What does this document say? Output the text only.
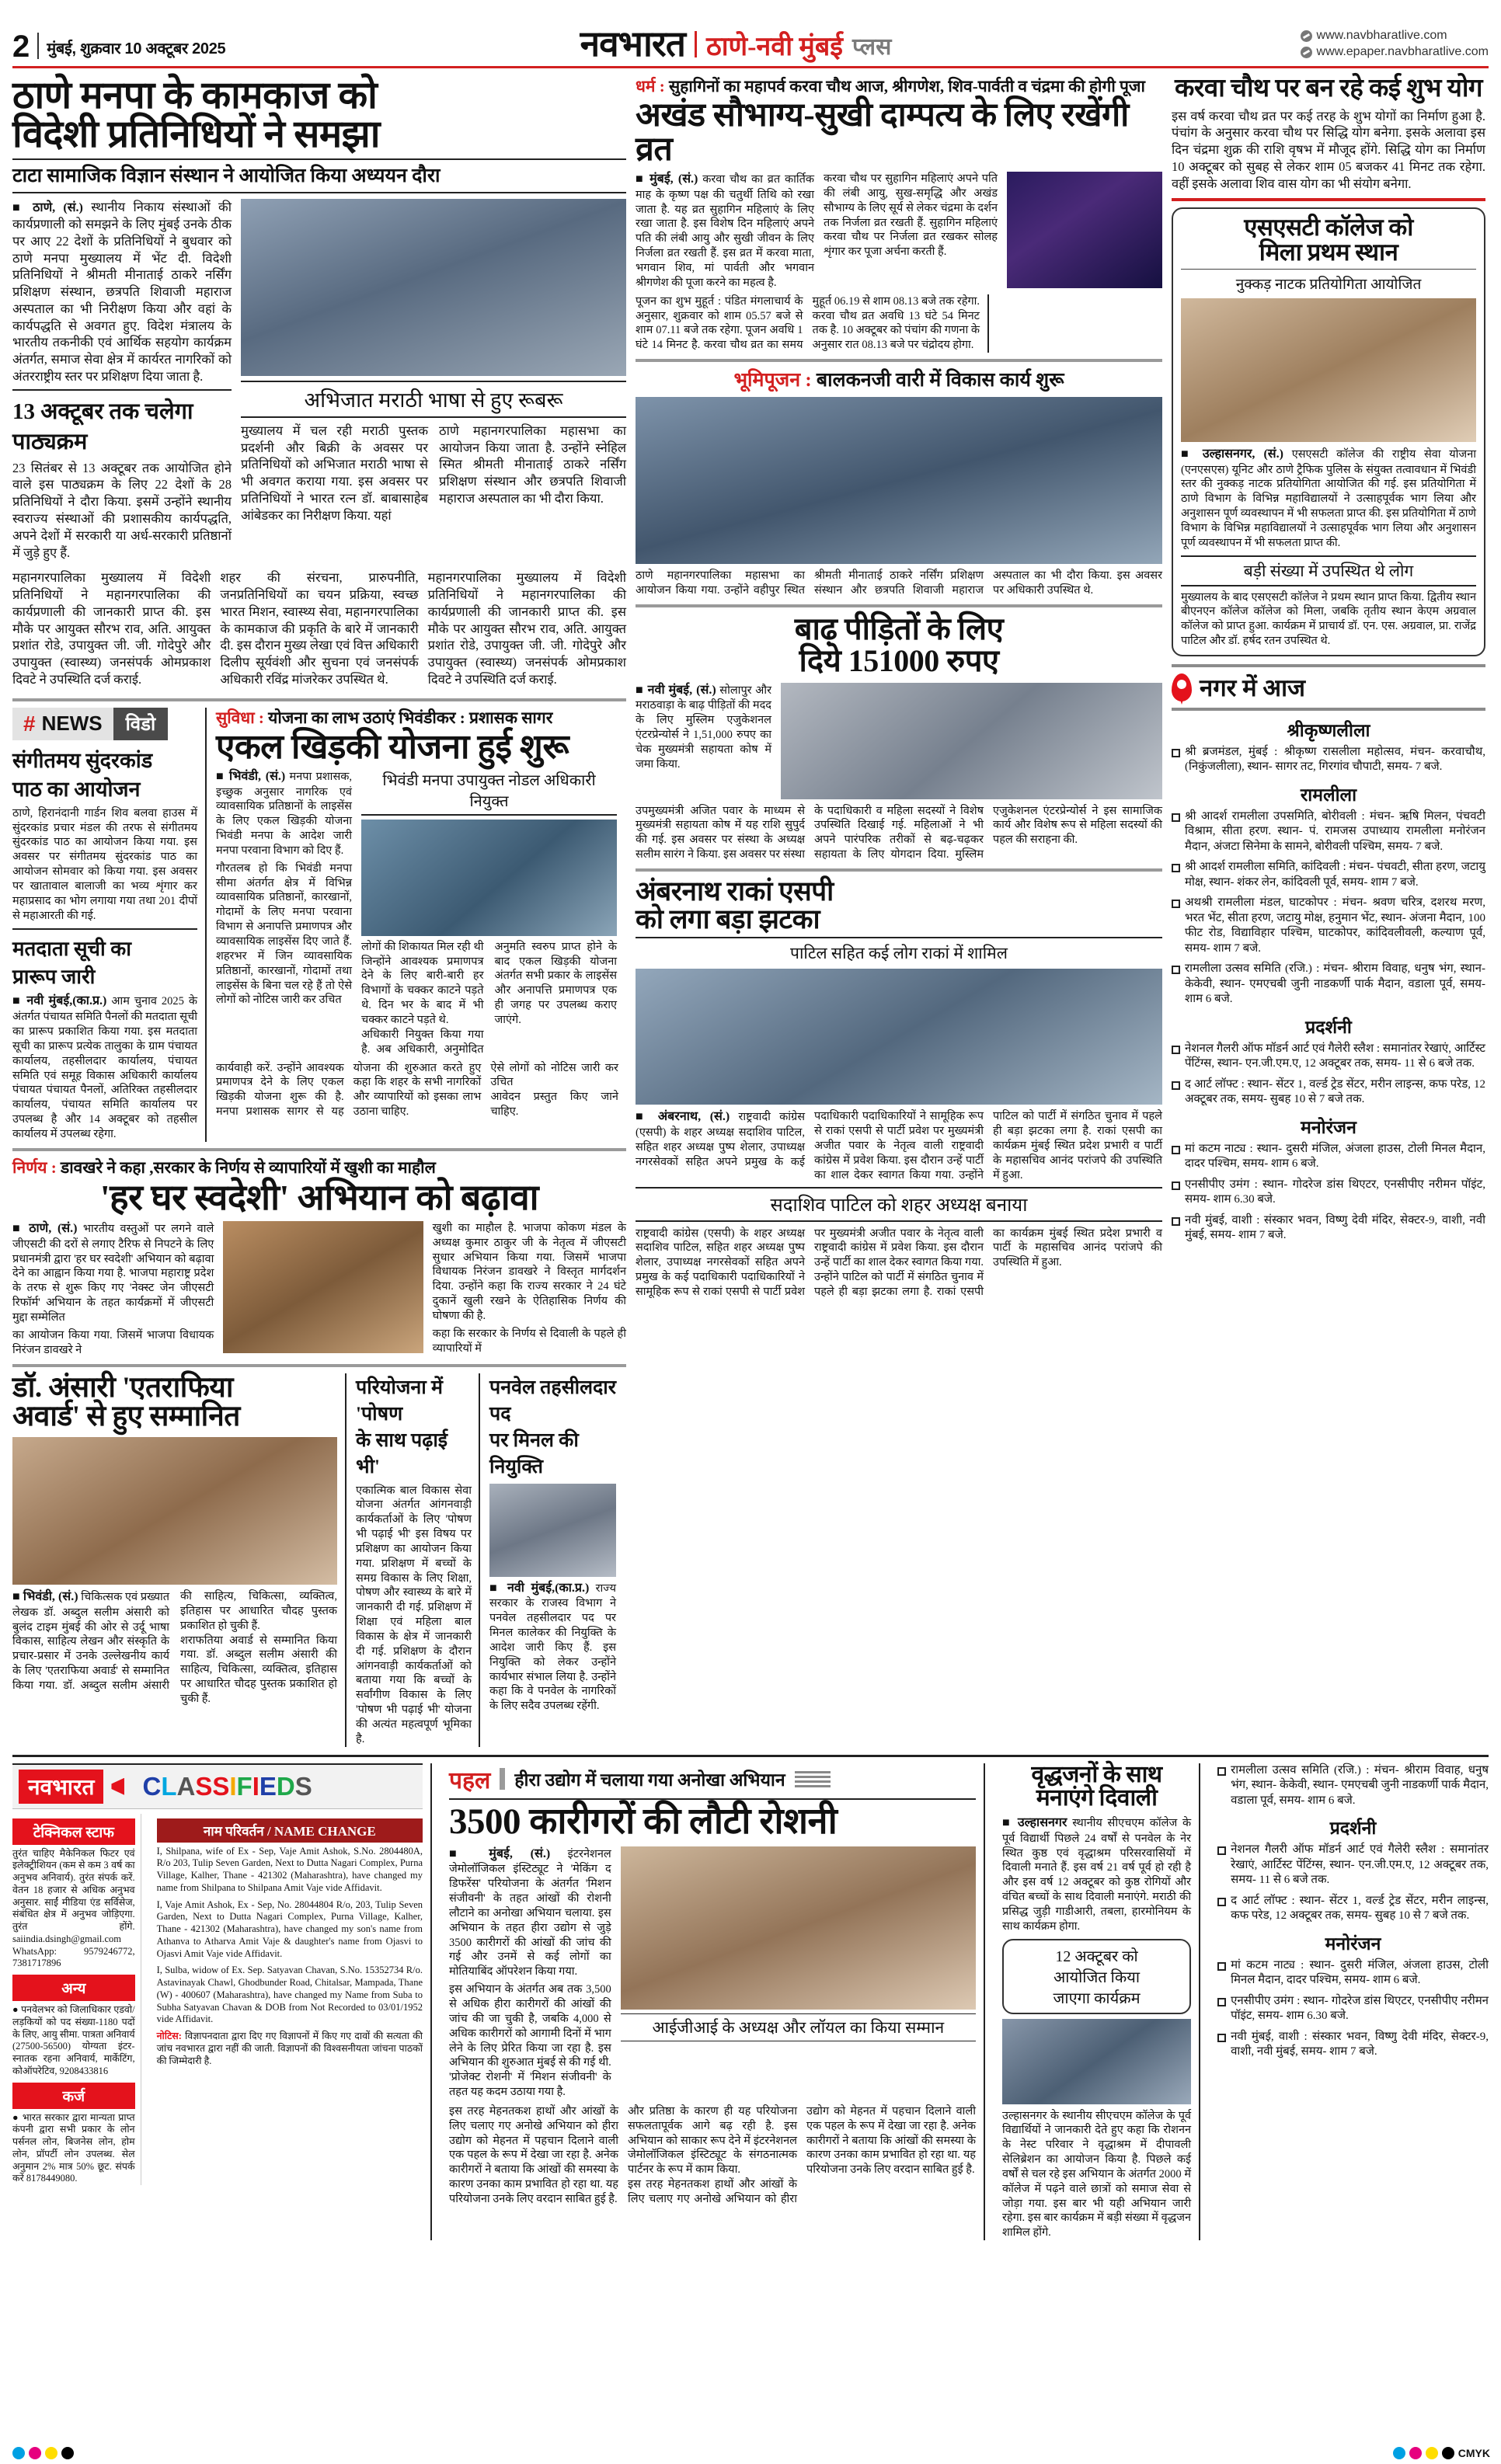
2 मुंबई, शुक्रवार 10 अक्टूबर 2025	नवभारत ठाणे-नवी मुंबई प्लस	www.navbharatlive.com
www.epaper.navbharatlive.com
ठाणे मनपा के कामकाज को
विदेशी प्रतिनिधियों ने समझा
टाटा सामाजिक विज्ञान संस्थान ने आयोजित किया अध्ययन दौरा

■ ठाणे, (सं.) स्थानीय निकाय संस्थाओं की कार्यप्रणाली को समझने के लिए मुंबई उनके ठीक पर आए 22 देशों के प्रतिनिधियों ने बुधवार को ठाणे मनपा मुख्यालय में भेंट दी. विदेशी प्रतिनिधियों ने श्रीमती मीनाताई ठाकरे नर्सिंग प्रशिक्षण संस्थान, छत्रपति शिवाजी महाराज अस्पताल का भी निरीक्षण किया और वहां के कार्यपद्धति से अवगत हुए. विदेश मंत्रालय के भारतीय तकनीकी एवं आर्थिक सहयोग कार्यक्रम अंतर्गत, समाज सेवा क्षेत्र में कार्यरत नागरिकों को अंतरराष्ट्रीय स्तर पर प्रशिक्षण दिया जाता है.

13 अक्टूबर तक चलेगा पाठ्यक्रम

23 सितंबर से 13 अक्टूबर तक आयोजित होने वाले इस पाठ्यक्रम के लिए 22 देशों के 28 प्रतिनिधियों ने दौरा किया. इसमें उन्होंने स्थानीय स्वराज्य संस्थाओं की प्रशासकीय कार्यपद्धति, अपने देशों में सरकारी या अर्ध-सरकारी प्रतिष्ठानों में जुड़े हुए हैं.

अभिजात मराठी भाषा से हुए रूबरू

मुख्यालय में चल रही मराठी पुस्तक प्रदर्शनी और बिक्री के अवसर पर प्रतिनिधियों को अभिजात मराठी भाषा से भी अवगत कराया गया. इस अवसर पर प्रतिनिधियों ने भारत रत्न डॉ. बाबासाहेब आंबेडकर का निरीक्षण किया. यहां

ठाणे महानगरपालिका महासभा का आयोजन किया जाता है. उन्होंने स्नेहिल स्मित श्रीमती मीनाताई ठाकरे नर्सिंग प्रशिक्षण संस्थान और छत्रपति शिवाजी महाराज अस्पताल का भी दौरा किया.

महानगरपालिका मुख्यालय में विदेशी प्रतिनिधियों ने महानगरपालिका की कार्यप्रणाली की जानकारी प्राप्त की. इस मौके पर आयुक्त सौरभ राव, अति. आयुक्त प्रशांत रोडे, उपायुक्त जी. जी. गोदेपुरे और उपायुक्त (स्वास्थ्य) जनसंपर्क ओमप्रकाश दिवटे ने उपस्थिति दर्ज कराई.

शहर की संरचना, प्रारुपनीति, जनप्रतिनिधियों का चयन प्रक्रिया, स्वच्छ भारत मिशन, स्वास्थ्य सेवा, महानगरपालिका के कामकाज की प्रकृति के बारे में जानकारी दी. इस दौरान मुख्य लेखा एवं वित्त अधिकारी दिलीप सूर्यवंशी और सुचना एवं जनसंपर्क अधिकारी रविंद्र मांजरेकर उपस्थित थे.

महानगरपालिका मुख्यालय में विदेशी प्रतिनिधियों ने महानगरपालिका की कार्यप्रणाली की जानकारी प्राप्त की. इस मौके पर आयुक्त सौरभ राव, अति. आयुक्त प्रशांत रोडे, उपायुक्त जी. जी. गोदेपुरे और उपायुक्त (स्वास्थ्य) जनसंपर्क ओमप्रकाश दिवटे ने उपस्थिति दर्ज कराई.

# NEWS	विडो
संगीतमय सुंदरकांड
पाठ का आयोजन

ठाणे, हिरानंदानी गार्डन शिव बलवा हाउस में सुंदरकांड प्रचार मंडल की तरफ से संगीतमय सुंदरकांड पाठ का आयोजन किया गया. इस अवसर पर संगीतमय सुंदरकांड पाठ का आयोजन सोमवार को किया गया. इस अवसर पर खातावाल बालाजी का भव्य शृंगार कर महाप्रसाद का भोग लगाया गया तथा 201 दीपों से महाआरती की गई.

मतदाता सूची का
प्रारूप जारी

■ नवी मुंबई,(का.प्र.) आम चुनाव 2025 के अंतर्गत पंचायत समिति पैनलों की मतदाता सूची का प्रारूप प्रकाशित किया गया. इस मतदाता सूची का प्रारूप प्रत्येक तालुका के ग्राम पंचायत कार्यालय, तहसीलदार कार्यालय, पंचायत समिति एवं समूह विकास अधिकारी कार्यालय पंचायत पंचायत पैनलों, अतिरिक्त तहसीलदार कार्यालय, पंचायत समिति कार्यालय पर उपलब्ध है और 14 अक्टूबर को तहसील कार्यालय में उपलब्ध रहेगा.

सुविधा : योजना का लाभ उठाएं भिवंडीकर : प्रशासक सागर
एकल खिड़की योजना हुई शुरू

■ भिवंडी, (सं.) मनपा प्रशासक, इच्छुक अनुसार नागरिक एवं व्यावसायिक प्रतिष्ठानों के लाइसेंस के लिए एकल खिड़की योजना भिवंडी मनपा के आदेश जारी मनपा परवाना विभाग को दिए हैं.

गौरतलब हो कि भिवंडी मनपा सीमा अंतर्गत क्षेत्र में विभिन्न व्यावसायिक प्रतिष्ठानों, कारखानों, गोदामों के लिए मनपा परवाना विभाग से अनापत्ति प्रमाणपत्र और व्यावसायिक लाइसेंस दिए जाते हैं. शहरभर में जिन व्यावसायिक प्रतिष्ठानों, कारखानों, गोदामों तथा लाइसेंस के बिना चल रहे हैं तो ऐसे लोगों को नोटिस जारी कर उचित

भिवंडी मनपा उपायुक्त नोडल अधिकारी नियुक्त

लोगों की शिकायत मिल रही थी जिन्होंने आवश्यक प्रमाणपत्र देने के लिए बारी-बारी हर विभागों के चक्कर काटने पड़ते थे. दिन भर के बाद में भी चक्कर काटने पड़ते थे.

अधिकारी नियुक्त किया गया है. अब अधिकारी, अनुमोदित अनुमति स्वरुप प्राप्त होने के बाद एकल खिड़की योजना अंतर्गत सभी प्रकार के लाइसेंस और अनापत्ति प्रमाणपत्र एक ही जगह पर उपलब्ध कराए जाएंगे.

कार्यवाही करें. उन्होंने आवश्यक प्रमाणपत्र देने के लिए एकल खिड़की योजना शुरू की है. मनपा प्रशासक सागर से यह योजना की शुरुआत करते हुए कहा कि शहर के सभी नागरिकों और व्यापारियों को इसका लाभ उठाना चाहिए.

ऐसे लोगों को नोटिस जारी कर उचित

आवेदन प्रस्तुत किए जाने चाहिए.

निर्णय : डावखरे ने कहा ,सरकार के निर्णय से व्यापारियों में खुशी का माहौल
'हर घर स्वदेशी' अभियान को बढ़ावा

■ ठाणे, (सं.) भारतीय वस्तुओं पर लगने वाले जीएसटी की दरों से लगाए टैरिफ से निपटने के लिए प्रधानमंत्री द्वारा 'हर घर स्वदेशी' अभियान को बढ़ावा देने का आह्वान किया गया है. भाजपा महाराष्ट्र प्रदेश के तरफ से शुरू किए गए 'नेक्स्ट जेन जीएसटी रिफॉर्म' अभियान के तहत कार्यक्रमों में जीएसटी मुद्दा सम्मेलित

का आयोजन किया गया. जिसमें भाजपा विधायक निरंजन डावखरे ने

खुशी का माहौल है. भाजपा कोकण मंडल के अध्यक्ष कुमार ठाकुर जी के नेतृत्व में जीएसटी सुधार अभियान किया गया. जिसमें भाजपा विधायक निरंजन डावखरे ने विस्तृत मार्गदर्शन दिया. उन्होंने कहा कि राज्य सरकार ने 24 घंटे दुकानें खुली रखने के ऐतिहासिक निर्णय की घोषणा की है.

कहा कि सरकार के निर्णय से दिवाली के पहले ही व्यापारियों में

डॉ. अंसारी 'एतराफिया
अवार्ड' से हुए सम्मानित

■ भिवंडी, (सं.) चिकित्सक एवं प्रख्यात लेखक डॉ. अब्दुल सलीम अंसारी को बुलंद टाइम मुंबई की ओर से उर्दू भाषा विकास, साहित्य लेखन और संस्कृति के प्रचार-प्रसार में उनके उल्लेखनीय कार्य के लिए 'एतराफिया अवार्ड' से सम्मानित किया गया. डॉ. अब्दुल सलीम अंसारी की साहित्य, चिकित्सा, व्यक्तित्व, इतिहास पर आधारित चौदह पुस्तक प्रकाशित हो चुकी हैं.

शराफतिया अवार्ड से सम्मानित किया गया. डॉ. अब्दुल सलीम अंसारी की साहित्य, चिकित्सा, व्यक्तित्व, इतिहास पर आधारित चौदह पुस्तक प्रकाशित हो चुकी हैं.

परियोजना में 'पोषण
के साथ पढ़ाई भी'

एकात्मिक बाल विकास सेवा योजना अंतर्गत आंगनवाड़ी कार्यकर्ताओं के लिए 'पोषण भी पढ़ाई भी' इस विषय पर प्रशिक्षण का आयोजन किया गया. प्रशिक्षण में बच्चों के समग्र विकास के लिए शिक्षा, पोषण और स्वास्थ्य के बारे में जानकारी दी गई. प्रशिक्षण में शिक्षा एवं महिला बाल विकास के क्षेत्र में जानकारी दी गई. प्रशिक्षण के दौरान आंगनवाड़ी कार्यकर्ताओं को बताया गया कि बच्चों के सर्वांगीण विकास के लिए 'पोषण भी पढ़ाई भी' योजना की अत्यंत महत्वपूर्ण भूमिका है.

पनवेल तहसीलदार पद
पर मिनल की नियुक्ति

■ नवी मुंबई,(का.प्र.) राज्य सरकार के राजस्व विभाग ने पनवेल तहसीलदार पद पर मिनल कालेकर की नियुक्ति के आदेश जारी किए हैं. इस नियुक्ति को लेकर उन्होंने कार्यभार संभाल लिया है. उन्होंने कहा कि वे पनवेल के नागरिकों के लिए सदैव उपलब्ध रहेंगी.

धर्म : सुहागिनों का महापर्व करवा चौथ आज, श्रीगणेश, शिव-पार्वती व चंद्रमा की होगी पूजा
अखंड सौभाग्य-सुखी दाम्पत्य के लिए रखेंगी व्रत

■ मुंबई, (सं.) करवा चौथ का व्रत कार्तिक माह के कृष्ण पक्ष की चतुर्थी तिथि को रखा जाता है. यह व्रत सुहागिन महिलाएं के लिए रखा जाता है. इस विशेष दिन महिलाएं अपने पति की लंबी आयु और सुखी जीवन के लिए निर्जला व्रत रखती हैं. इस व्रत में करवा माता, भगवान शिव, मां पार्वती और भगवान श्रीगणेश की पूजा करने का महत्व है.

करवा चौथ पर सुहागिन महिलाएं अपने पति की लंबी आयु, सुख-समृद्धि और अखंड सौभाग्य के लिए सूर्य से लेकर चंद्रमा के दर्शन तक निर्जला व्रत रखती हैं. सुहागिन महिलाएं करवा चौथ पर निर्जला व्रत रखकर सोलह शृंगार कर पूजा अर्चना करती हैं.

पूजन का शुभ मुहूर्त : पंडित मंगलाचार्य के अनुसार, शुक्रवार को शाम 05.57 बजे से शाम 07.11 बजे तक रहेगा. पूजन अवधि 1 घंटे 14 मिनट है. करवा चौथ व्रत का समय मुहूर्त 06.19 से शाम 08.13 बजे तक रहेगा. करवा चौथ व्रत अवधि 13 घंटे 54 मिनट तक है. 10 अक्टूबर को पंचांग की गणना के अनुसार रात 08.13 बजे पर चंद्रोदय होगा.

भूमिपूजन : बालकनजी वारी में विकास कार्य शुरू

ठाणे महानगरपालिका महासभा का आयोजन किया गया. उन्होंने वहीपुर स्थित श्रीमती मीनाताई ठाकरे नर्सिंग प्रशिक्षण संस्थान और छत्रपति शिवाजी महाराज अस्पताल का भी दौरा किया. इस अवसर पर अधिकारी उपस्थित थे.

बाढ़ पीड़ितों के लिए
दिये 151000 रुपए

■ नवी मुंबई, (सं.) सोलापुर और मराठवाड़ा के बाढ़ पीड़ितों की मदद के लिए मुस्लिम एजुकेशनल एंटरप्रेन्योर्स ने 1,51,000 रुपए का चेक मुख्यमंत्री सहायता कोष में जमा किया.

उपमुख्यमंत्री अजित पवार के माध्यम से मुख्यमंत्री सहायता कोष में यह राशि सुपुर्द की गई. इस अवसर पर संस्था के अध्यक्ष सलीम सारंग ने किया. इस अवसर पर संस्था के पदाधिकारी व महिला सदस्यों ने विशेष उपस्थिति दिखाई गई. महिलाओं ने भी अपने पारंपरिक तरीकों से बढ़-चढ़कर सहायता के लिए योगदान दिया. मुस्लिम एजुकेशनल एंटरप्रेन्योर्स ने इस सामाजिक कार्य और विशेष रूप से महिला सदस्यों की पहल की सराहना की.

अंबरनाथ राकां एसपी
को लगा बड़ा झटका
पाटिल सहित कई लोग राकां में शामिल

■ अंबरनाथ, (सं.) राष्ट्रवादी कांग्रेस (एसपी) के शहर अध्यक्ष सदाशिव पाटिल, सहित शहर अध्यक्ष पुष्प शेलार, उपाध्यक्ष नगरसेवकों सहित अपने प्रमुख के कई पदाधिकारी पदाधिकारियों ने सामूहिक रूप से राकां एसपी से पार्टी प्रवेश पर मुख्यमंत्री अजीत पवार के नेतृत्व वाली राष्ट्रवादी कांग्रेस में प्रवेश किया. इस दौरान उन्हें पार्टी का शाल देकर स्वागत किया गया. उन्होंने पाटिल को पार्टी में संगठित चुनाव में पहले ही बड़ा झटका लगा है. राकां एसपी का कार्यक्रम मुंबई स्थित प्रदेश प्रभारी व पार्टी के महासचिव आनंद परांजपे की उपस्थिति में हुआ.

सदाशिव पाटिल को शहर अध्यक्ष बनाया

राष्ट्रवादी कांग्रेस (एसपी) के शहर अध्यक्ष सदाशिव पाटिल, सहित शहर अध्यक्ष पुष्प शेलार, उपाध्यक्ष नगरसेवकों सहित अपने प्रमुख के कई पदाधिकारी पदाधिकारियों ने सामूहिक रूप से राकां एसपी से पार्टी प्रवेश पर मुख्यमंत्री अजीत पवार के नेतृत्व वाली राष्ट्रवादी कांग्रेस में प्रवेश किया. इस दौरान उन्हें पार्टी का शाल देकर स्वागत किया गया. उन्होंने पाटिल को पार्टी में संगठित चुनाव में पहले ही बड़ा झटका लगा है. राकां एसपी का कार्यक्रम मुंबई स्थित प्रदेश प्रभारी व पार्टी के महासचिव आनंद परांजपे की उपस्थिति में हुआ.

करवा चौथ पर बन रहे कई शुभ योग

इस वर्ष करवा चौथ व्रत पर कई तरह के शुभ योगों का निर्माण हुआ है. पंचांग के अनुसार करवा चौथ पर सिद्धि योग बनेगा. इसके अलावा इस दिन चंद्रमा शुक्र की राशि वृषभ में मौजूद होंगे. सिद्धि योग का निर्माण 10 अक्टूबर को सुबह से लेकर शाम 05 बजकर 41 मिनट तक रहेगा. वहीं इसके अलावा शिव वास योग का भी संयोग बनेगा.

एसएसटी कॉलेज को
मिला प्रथम स्थान
नुक्कड़ नाटक प्रतियोगिता आयोजित

■ उल्हासनगर, (सं.) एसएसटी कॉलेज की राष्ट्रीय सेवा योजना (एनएसएस) यूनिट और ठाणे ट्रैफिक पुलिस के संयुक्त तत्वावधान में भिवंडी स्तर की नुक्कड़ नाटक प्रतियोगिता आयोजित की गई. इस प्रतियोगिता में ठाणे विभाग के विभिन्न महाविद्यालयों ने उत्साहपूर्वक भाग लिया और अनुशासन पूर्ण व्यवस्थापन में भी सफलता प्राप्त की. इस प्रतियोगिता में ठाणे विभाग के विभिन्न महाविद्यालयों ने उत्साहपूर्वक भाग लिया और अनुशासन पूर्ण व्यवस्थापन में भी सफलता प्राप्त की.

बड़ी संख्या में उपस्थित थे लोग

मुख्यालय के बाद एसएसटी कॉलेज ने प्रथम स्थान प्राप्त किया. द्वितीय स्थान बीएनएन कॉलेज कॉलेज को मिला, जबकि तृतीय स्थान केएम अग्रवाल कॉलेज को प्राप्त हुआ. कार्यक्रम में प्राचार्य डॉ. एन. एस. अग्रवाल, प्रा. राजेंद्र पाटिल और डॉ. हर्षद रतन उपस्थित थे.

नगर में आज
श्रीकृष्णलीला
श्री ब्रजमंडल, मुंबई : श्रीकृष्ण रासलीला महोत्सव, मंचन- करवाचौथ, (निकुंजलीला), स्थान- सागर तट, गिरगांव चौपाटी, समय- 7 बजे.
रामलीला
श्री आदर्श रामलीला उपसमिति, बोरीवली : मंचन- ऋषि मिलन, पंचवटी विश्राम, सीता हरण. स्थान- पं. रामजस उपाध्याय रामलीला मनोरंजन मैदान, अंजटा सिनेमा के सामने, बोरीवली पश्चिम, समय- 7 बजे.
श्री आदर्श रामलीला समिति, कांदिवली : मंचन- पंचवटी, सीता हरण, जटायु मोक्ष, स्थान- शंकर लेन, कांदिवली पूर्व, समय- शाम 7 बजे.
अथश्री रामलीला मंडल, घाटकोपर : मंचन- श्रवण चरित्र, दशरथ मरण, भरत भेंट, सीता हरण, जटायु मोक्ष, हनुमान भेंट, स्थान- अंजना मैदान, 100 फीट रोड, विद्याविहार पश्चिम, घाटकोपर, कांदिवलीवली, कल्याण पूर्व, समय- शाम 7 बजे.
रामलीला उत्सव समिति (रजि.) : मंचन- श्रीराम विवाह, धनुष भंग, स्थान- केकेवी, स्थान- एमएचबी जुनी नाडकर्णी पार्क मैदान, वडाला पूर्व, समय- शाम 6 बजे.
प्रदर्शनी
नेशनल गैलरी ऑफ मॉडर्न आर्ट एवं गैलेरी स्लैश : समानांतर रेखाएं, आर्टिस्ट पेंटिंग्स, स्थान- एन.जी.एम.ए, 12 अक्टूबर तक, समय- 11 से 6 बजे तक.
द आर्ट लॉफ्ट : स्थान- सेंटर 1, वर्ल्ड ट्रेड सेंटर, मरीन लाइन्स, कफ परेड, 12 अक्टूबर तक, समय- सुबह 10 से 7 बजे तक.
मनोरंजन
मां कटम नाट्य : स्थान- दुसरी मंजिल, अंजला हाउस, टोली मिनल मैदान, दादर पश्चिम, समय- शाम 6 बजे.
एनसीपीए उमंग : स्थान- गोदरेज डांस थिएटर, एनसीपीए नरीमन पॉइंट, समय- शाम 6.30 बजे.
नवी मुंबई, वाशी : संस्कार भवन, विष्णु देवी मंदिर, सेक्टर-9, वाशी, नवी मुंबई, समय- शाम 7 बजे.
नवभारत	CLASSIFIEDS
टेक्निकल स्टाफ

तुरंत चाहिए मैकेनिकल फिटर एवं इलेक्ट्रीशियन (कम से कम 3 वर्ष का अनुभव अनिवार्य). तुरंत संपर्क करें. वेतन 18 हजार से अधिक अनुभव अनुसार. साईं मीडिया एंड सर्विसेज, संबंधित क्षेत्र में अनुभव जोड़िएगा. तुरंत होंगे. saiindia.dsingh@gmail.com WhatsApp: 9579246772, 7381717896

अन्य

● पनवेलभर को जिलाधिकार एडवो/ लड़कियों को पद संख्या-1180 पदों के लिए, आयु सीमा. पात्रता अनिवार्य (27500-56500) योग्यता इंटर- स्नातक रहना अनिवार्य, मार्केटिंग, कोऑपरेटिव, 9208433816

कर्ज

● भारत सरकार द्वारा मान्यता प्राप्त कंपनी द्वारा सभी प्रकार के लोन पर्सनल लोन, बिजनेस लोन, होम लोन, प्रॉपर्टी लोन उपलब्ध. सेल अनुमान 2% मात्र 50% छूट. संपर्क करें 8178449080.

नाम परिवर्तन / NAME CHANGE

I, Shilpana, wife of Ex - Sep, Vaje Amit Ashok, S.No. 2804480A, R/o 203, Tulip Seven Garden, Next to Dutta Nagari Complex, Purna Village, Kalher, Thane - 421302 (Maharashtra), have changed my name from Shilpana to Shilpana Amit Vaje vide Affidavit.

I, Vaje Amit Ashok, Ex - Sep, No. 28044804 R/o, 203, Tulip Seven Garden, Next to Dutta Nagari Complex, Purna Village, Kalher, Thane - 421302 (Maharashtra), have changed my son's name from Athanva to Atharva Amit Vaje & daughter's name from Ojasvi to Ojasvi Amit Vaje vide Affidavit.

I, Sulba, widow of Ex. Sep. Satyavan Chavan, S.No. 15352734 R/o. Astavinayak Chawl, Ghodbunder Road, Chitalsar, Mampada, Thane (W) - 400607 (Maharashtra), have changed my Name from Suba to Subha Satyavan Chavan & DOB from Not Recorded to 03/01/1952 vide Affidavit.

नोटिस: विज्ञापनदाता द्वारा दिए गए विज्ञापनों में किए गए दावों की सत्यता की जांच नवभारत द्वारा नहीं की जाती. विज्ञापनों की विश्वसनीयता जांचना पाठकों की जिम्मेदारी है.

पहल हीरा उद्योग में चलाया गया अनोखा अभियान
3500 कारीगरों की लौटी रोशनी

■ मुंबई, (सं.) इंटरनेशनल जेमोलॉजिकल इंस्टिट्यूट ने 'मेकिंग द डिफरेंस' परियोजना के अंतर्गत 'मिशन संजीवनी' के तहत आंखों की रोशनी लौटाने का अनोखा अभियान चलाया. इस अभियान के तहत हीरा उद्योग से जुड़े 3500 कारीगरों की आंखों की जांच की गई और उनमें से कई लोगों का मोतियाबिंद ऑपरेशन किया गया.

इस अभियान के अंतर्गत अब तक 3,500 से अधिक हीरा कारीगरों की आंखों की जांच की जा चुकी है, जबकि 4,000 से अधिक कारीगरों को आगामी दिनों में भाग लेने के लिए प्रेरित किया जा रहा है. इस अभियान की शुरुआत मुंबई से की गई थी. 'प्रोजेक्ट रोशनी' में 'मिशन संजीवनी' के तहत यह कदम उठाया गया है.

आईजीआई के अध्यक्ष और लॉयल का किया सम्मान

इस तरह मेहनतकश हाथों और आंखों के लिए चलाए गए अनोखे अभियान को हीरा उद्योग को मेहनत में पहचान दिलाने वाली एक पहल के रूप में देखा जा रहा है. अनेक कारीगरों ने बताया कि आंखों की समस्या के कारण उनका काम प्रभावित हो रहा था. यह परियोजना उनके लिए वरदान साबित हुई है.

और प्रतिष्ठा के कारण ही यह परियोजना सफलतापूर्वक आगे बढ़ रही है. इस अभियान को साकार रूप देने में इंटरनेशनल जेमोलॉजिकल इंस्टिट्यूट के संगठनात्मक पार्टनर के रूप में काम किया.

इस तरह मेहनतकश हाथों और आंखों के लिए चलाए गए अनोखे अभियान को हीरा उद्योग को मेहनत में पहचान दिलाने वाली एक पहल के रूप में देखा जा रहा है. अनेक कारीगरों ने बताया कि आंखों की समस्या के कारण उनका काम प्रभावित हो रहा था. यह परियोजना उनके लिए वरदान साबित हुई है.

वृद्धजनों के साथ
मनाएंगे दिवाली

■ उल्हासनगर स्थानीय सीएचएम कॉलेज के पूर्व विद्यार्थी पिछले 24 वर्षों से पनवेल के नेर स्थित कुष्ठ एवं वृद्धाश्रम परिसरवासियों में दिवाली मनाते हैं. इस वर्ष 21 वर्ष पूर्व हो रही है और इस वर्ष 12 अक्टूबर को कुष्ठ रोगियों और वंचित बच्चों के साथ दिवाली मनाएंगे. मराठी की प्रसिद्ध जुड़ी गाडीआरी, तबला, हारमोनियम के साथ कार्यक्रम होगा.

12 अक्टूबर को
आयोजित किया
जाएगा कार्यक्रम

उल्हासनगर के स्थानीय सीएचएम कॉलेज के पूर्व विद्यार्थियों ने जानकारी देते हुए कहा कि रोशनन के नेस्ट परिवार ने वृद्धाश्रम में दीपावली सेलिब्रेशन का आयोजन किया है. पिछले कई वर्षों से चल रहे इस अभियान के अंतर्गत 2000 में कॉलेज में पढ़ने वाले छात्रों को समाज सेवा से जोड़ा गया. इस बार भी यही अभियान जारी रहेगा. इस बार कार्यक्रम में बड़ी संख्या में वृद्धजन शामिल होंगे.

रामलीला उत्सव समिति (रजि.) : मंचन- श्रीराम विवाह, धनुष भंग, स्थान- केकेवी, स्थान- एमएचबी जुनी नाडकर्णी पार्क मैदान, वडाला पूर्व, समय- शाम 6 बजे.
प्रदर्शनी
नेशनल गैलरी ऑफ मॉडर्न आर्ट एवं गैलेरी स्लैश : समानांतर रेखाएं, आर्टिस्ट पेंटिंग्स, स्थान- एन.जी.एम.ए, 12 अक्टूबर तक, समय- 11 से 6 बजे तक.
द आर्ट लॉफ्ट : स्थान- सेंटर 1, वर्ल्ड ट्रेड सेंटर, मरीन लाइन्स, कफ परेड, 12 अक्टूबर तक, समय- सुबह 10 से 7 बजे तक.
मनोरंजन
मां कटम नाट्य : स्थान- दुसरी मंजिल, अंजला हाउस, टोली मिनल मैदान, दादर पश्चिम, समय- शाम 6 बजे.
एनसीपीए उमंग : स्थान- गोदरेज डांस थिएटर, एनसीपीए नरीमन पॉइंट, समय- शाम 6.30 बजे.
नवी मुंबई, वाशी : संस्कार भवन, विष्णु देवी मंदिर, सेक्टर-9, वाशी, नवी मुंबई, समय- शाम 7 बजे.
CMYK
